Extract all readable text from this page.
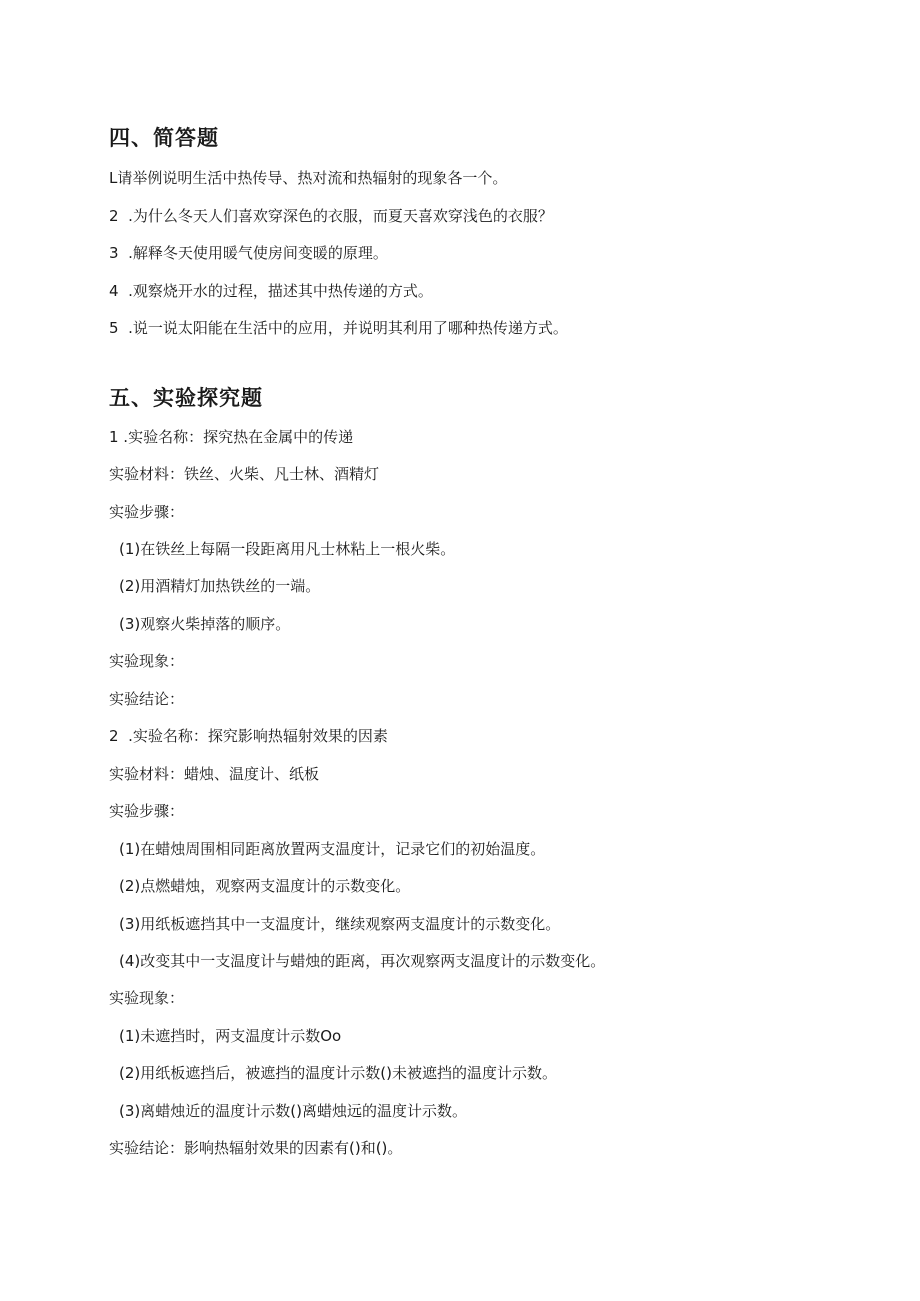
四、简答题
L请举例说明生活中热传导、热对流和热辐射的现象各一个。
2  .为什么冬天人们喜欢穿深色的衣服，而夏天喜欢穿浅色的衣服？
3  .解释冬天使用暖气使房间变暖的原理。
4  .观察烧开水的过程，描述其中热传递的方式。
5  .说一说太阳能在生活中的应用，并说明其利用了哪种热传递方式。
五、实验探究题
1 .实验名称：探究热在金属中的传递
实验材料：铁丝、火柴、凡士林、酒精灯
实验步骤：
(1)在铁丝上每隔一段距离用凡士林粘上一根火柴。
(2)用酒精灯加热铁丝的一端。
(3)观察火柴掉落的顺序。
实验现象：
实验结论：
2  .实验名称：探究影响热辐射效果的因素
实验材料：蜡烛、温度计、纸板
实验步骤：
(1)在蜡烛周围相同距离放置两支温度计，记录它们的初始温度。
(2)点燃蜡烛，观察两支温度计的示数变化。
(3)用纸板遮挡其中一支温度计，继续观察两支温度计的示数变化。
(4)改变其中一支温度计与蜡烛的距离，再次观察两支温度计的示数变化。
实验现象：
(1)未遮挡时，两支温度计示数Oo
(2)用纸板遮挡后，被遮挡的温度计示数()未被遮挡的温度计示数。
(3)离蜡烛近的温度计示数()离蜡烛远的温度计示数。
实验结论：影响热辐射效果的因素有()和()。
